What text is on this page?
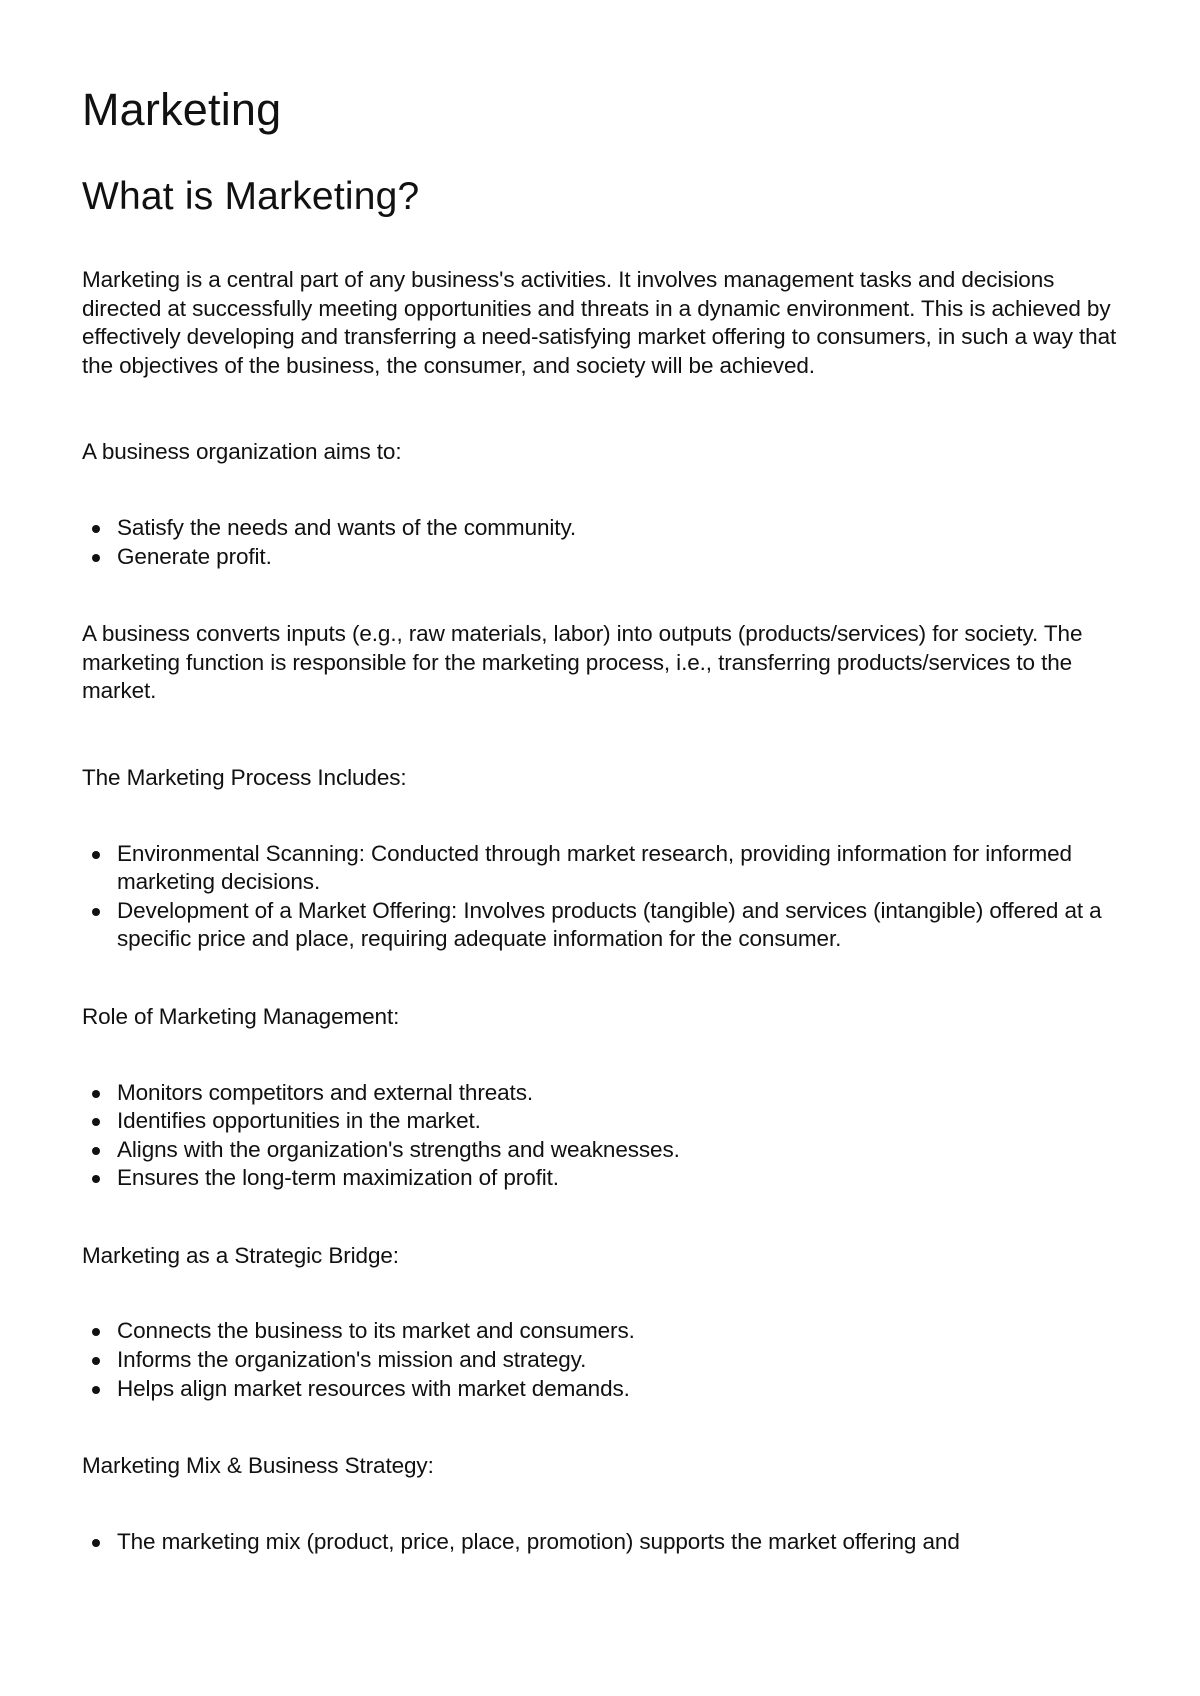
Marketing
What is Marketing?

Marketing is a central part of any business's activities. It involves management tasks and decisions directed at successfully meeting opportunities and threats in a dynamic environment. This is achieved by effectively developing and transferring a need-satisfying market offering to consumers, in such a way that the objectives of the business, the consumer, and society will be achieved.

A business organization aims to:

Satisfy the needs and wants of the community.
Generate profit.

A business converts inputs (e.g., raw materials, labor) into outputs (products/services) for society. The marketing function is responsible for the marketing process, i.e., transferring products/services to the market.

The Marketing Process Includes:

Environmental Scanning: Conducted through market research, providing information for informed marketing decisions.
Development of a Market Offering: Involves products (tangible) and services (intangible) offered at a specific price and place, requiring adequate information for the consumer.

Role of Marketing Management:

Monitors competitors and external threats.
Identifies opportunities in the market.
Aligns with the organization's strengths and weaknesses.
Ensures the long-term maximization of profit.

Marketing as a Strategic Bridge:

Connects the business to its market and consumers.
Informs the organization's mission and strategy.
Helps align market resources with market demands.

Marketing Mix & Business Strategy:

The marketing mix (product, price, place, promotion) supports the market offering and
